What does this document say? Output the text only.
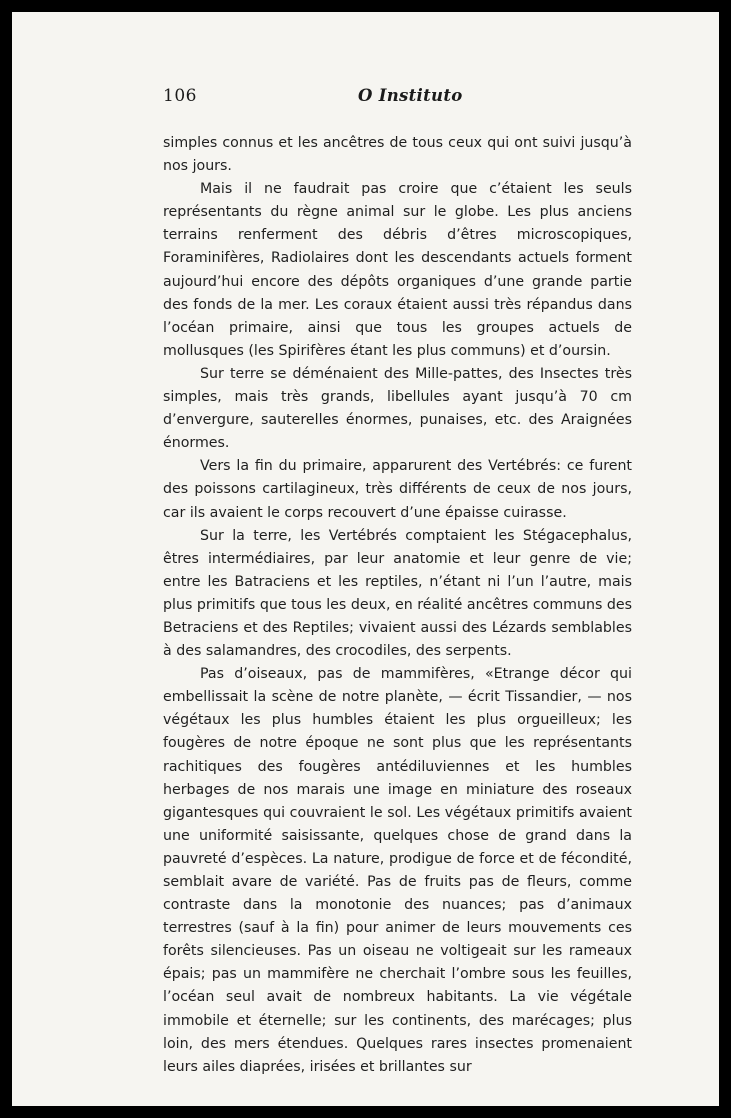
106	O Instituto

simples connus et les ancêtres de tous ceux qui ont suivi jusqu’à nos jours.

Mais il ne faudrait pas croire que c’étaient les seuls représentants du règne animal sur le globe. Les plus anciens terrains renferment des débris d’êtres microscopiques, Foraminifères, Radiolaires dont les descendants actuels forment aujourd’hui encore des dépôts organiques d’une grande partie des fonds de la mer. Les coraux étaient aussi très répandus dans l’océan primaire, ainsi que tous les groupes actuels de mollusques (les Spirifères étant les plus communs) et d’oursin.

Sur terre se déménaient des Mille-pattes, des Insectes très simples, mais très grands, libellules ayant jusqu’à 70 cm d’envergure, sauterelles énormes, punaises, etc. des Araignées énormes.

Vers la fin du primaire, apparurent des Vertébrés: ce furent des poissons cartilagineux, très différents de ceux de nos jours, car ils avaient le corps recouvert d’une épaisse cuirasse.

Sur la terre, les Vertébrés comptaient les Stégacephalus, êtres intermédiaires, par leur anatomie et leur genre de vie; entre les Batraciens et les reptiles, n’étant ni l’un l’autre, mais plus primitifs que tous les deux, en réalité ancêtres communs des Betraciens et des Reptiles; vivaient aussi des Lézards semblables à des salamandres, des crocodiles, des serpents.

Pas d’oiseaux, pas de mammifères, «Etrange décor qui embellissait la scène de notre planète, — écrit Tissandier, — nos végétaux les plus humbles étaient les plus orgueilleux; les fougères de notre époque ne sont plus que les représentants rachitiques des fougères antédiluviennes et les humbles herbages de nos marais une image en miniature des roseaux gigantesques qui couvraient le sol. Les végétaux primitifs avaient une uniformité saisissante, quelques chose de grand dans la pauvreté d’espèces. La nature, prodigue de force et de fécondité, semblait avare de variété. Pas de fruits pas de fleurs, comme contraste dans la monotonie des nuances; pas d’animaux terrestres (sauf à la fin) pour animer de leurs mouvements ces forêts silencieuses. Pas un oiseau ne voltigeait sur les rameaux épais; pas un mammifère ne cherchait l’ombre sous les feuilles, l’océan seul avait de nombreux habitants. La vie végétale immobile et éternelle; sur les continents, des marécages; plus loin, des mers étendues. Quelques rares insectes promenaient leurs ailes diaprées, irisées et brillantes sur
